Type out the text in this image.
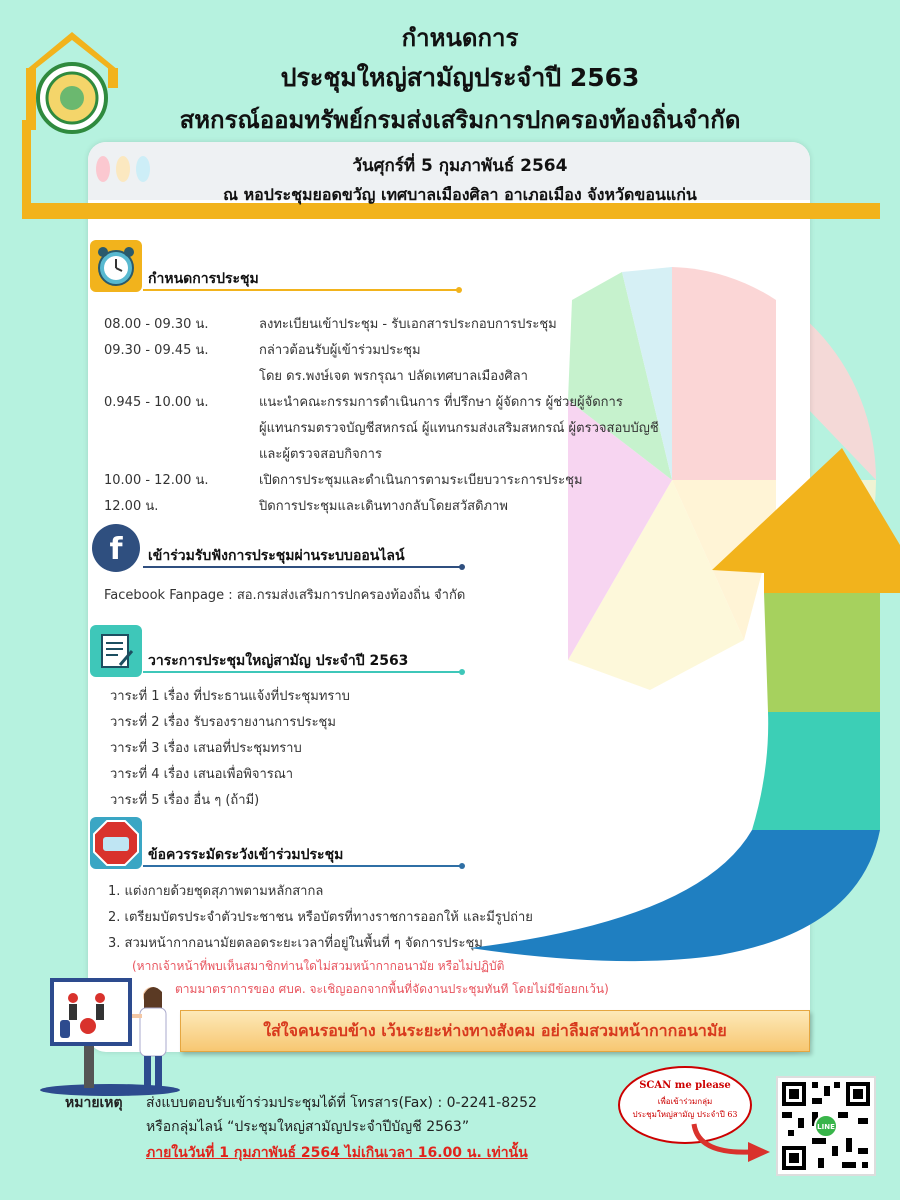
กำหนดการ
ประชุมใหญ่สามัญประจำปี 2563
สหกรณ์ออมทรัพย์กรมส่งเสริมการปกครองท้องถิ่นจำกัด
วันศุกร์ที่ 5 กุมภาพันธ์ 2564
ณ หอประชุมยอดขวัญ เทศบาลเมืองศิลา อาเภอเมือง จังหวัดขอนแก่น
กำหนดการประชุม
08.00 - 09.30 น.	ลงทะเบียนเข้าประชุม - รับเอกสารประกอบการประชุม
09.30 - 09.45 น.	กล่าวต้อนรับผู้เข้าร่วมประชุม
โดย ดร.พงษ์เจต พรกรุณา ปลัดเทศบาลเมืองศิลา
0.945 - 10.00 น.	แนะนำคณะกรรมการดำเนินการ ที่ปรึกษา ผู้จัดการ ผู้ช่วยผู้จัดการ
ผู้แทนกรมตรวจบัญชีสหกรณ์ ผู้แทนกรมส่งเสริมสหกรณ์ ผู้ตรวจสอบบัญชี
และผู้ตรวจสอบกิจการ
10.00 - 12.00 น.	เปิดการประชุมและดำเนินการตามระเบียบวาระการประชุม
12.00 น.	ปิดการประชุมและเดินทางกลับโดยสวัสดิภาพ
f เข้าร่วมรับฟังการประชุมผ่านระบบออนไลน์
Facebook Fanpage : สอ.กรมส่งเสริมการปกครองท้องถิ่น จำกัด
วาระการประชุมใหญ่สามัญ ประจำปี 2563
วาระที่ 1 เรื่อง ที่ประธานแจ้งที่ประชุมทราบ
วาระที่ 2 เรื่อง รับรองรายงานการประชุม
วาระที่ 3 เรื่อง เสนอที่ประชุมทราบ
วาระที่ 4 เรื่อง เสนอเพื่อพิจารณา
วาระที่ 5 เรื่อง อื่น ๆ (ถ้ามี)
ข้อควรระมัดระวังเข้าร่วมประชุม
1. แต่งกายด้วยชุดสุภาพตามหลักสากล
2. เตรียมบัตรประจำตัวประชาชน หรือบัตรที่ทางราชการออกให้ และมีรูปถ่าย
3. สวมหน้ากากอนามัยตลอดระยะเวลาที่อยู่ในพื้นที่ ๆ จัดการประชุม
(หากเจ้าหน้าที่พบเห็นสมาชิกท่านใดไม่สวมหน้ากากอนามัย หรือไม่ปฏิบัติ
ตามมาตราการของ ศบค. จะเชิญออกจากพื้นที่จัดงานประชุมทันที โดยไม่มีข้อยกเว้น)
ใส่ใจคนรอบข้าง เว้นระยะห่างทางสังคม อย่าลืมสวมหน้ากากอนามัย
หมายเหตุ ส่งแบบตอบรับเข้าร่วมประชุมได้ที่ โทรสาร(Fax) : 0-2241-8252
หรือกลุ่มไลน์ “ประชุมใหญ่สามัญประจำปีบัญชี 2563”
ภายในวันที่ 1 กุมภาพันธ์ 2564 ไม่เกินเวลา 16.00 น. เท่านั้น
SCAN me please
เพื่อเข้าร่วมกลุ่ม
ประชุมใหญ่สามัญ ประจำปี 63
LINE
